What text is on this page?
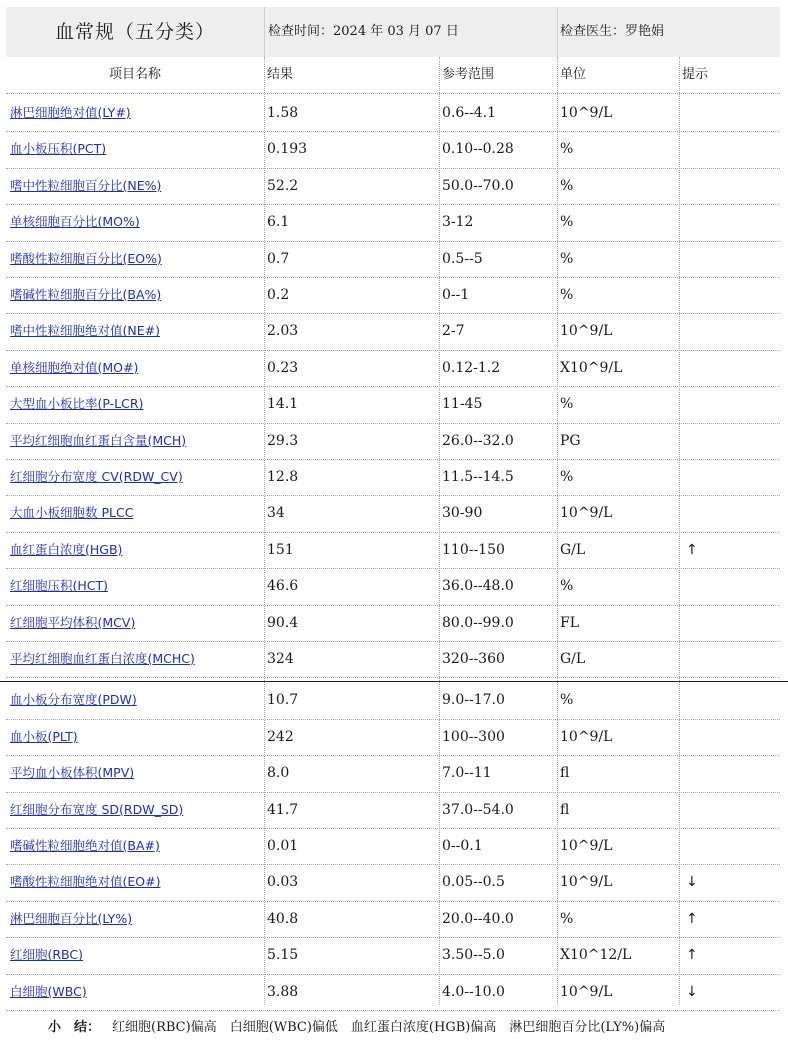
血常规（五分类）	检查时间：2024 年 03 月 07 日	检查医生：罗艳娟
项目名称	结果	参考范围	单位	提示
淋巴细胞绝对值(LY#)	1.58	0.6--4.1	10^9/L
血小板压积(PCT)	0.193	0.10--0.28	%
嗜中性粒细胞百分比(NE%)	52.2	50.0--70.0	%
单核细胞百分比(MO%)	6.1	3-12	%
嗜酸性粒细胞百分比(EO%)	0.7	0.5--5	%
嗜碱性粒细胞百分比(BA%)	0.2	0--1	%
嗜中性粒细胞绝对值(NE#)	2.03	2-7	10^9/L
单核细胞绝对值(MO#)	0.23	0.12-1.2	X10^9/L
大型血小板比率(P-LCR)	14.1	11-45	%
平均红细胞血红蛋白含量(MCH)	29.3	26.0--32.0	PG
红细胞分布宽度 CV(RDW_CV)	12.8	11.5--14.5	%
大血小板细胞数 PLCC	34	30-90	10^9/L
血红蛋白浓度(HGB)	151	110--150	G/L	↑
红细胞压积(HCT)	46.6	36.0--48.0	%
红细胞平均体积(MCV)	90.4	80.0--99.0	FL
平均红细胞血红蛋白浓度(MCHC)	324	320--360	G/L
血小板分布宽度(PDW)	10.7	9.0--17.0	%
血小板(PLT)	242	100--300	10^9/L
平均血小板体积(MPV)	8.0	7.0--11	fl
红细胞分布宽度 SD(RDW_SD)	41.7	37.0--54.0	fl
嗜碱性粒细胞绝对值(BA#)	0.01	0--0.1	10^9/L
嗜酸性粒细胞绝对值(EO#)	0.03	0.05--0.5	10^9/L	↓
淋巴细胞百分比(LY%)	40.8	20.0--40.0	%	↑
红细胞(RBC)	5.15	3.50--5.0	X10^12/L	↑
白细胞(WBC)	3.88	4.0--10.0	10^9/L	↓
小　结： 红细胞(RBC)偏高　白细胞(WBC)偏低　血红蛋白浓度(HGB)偏高　淋巴细胞百分比(LY%)偏高
